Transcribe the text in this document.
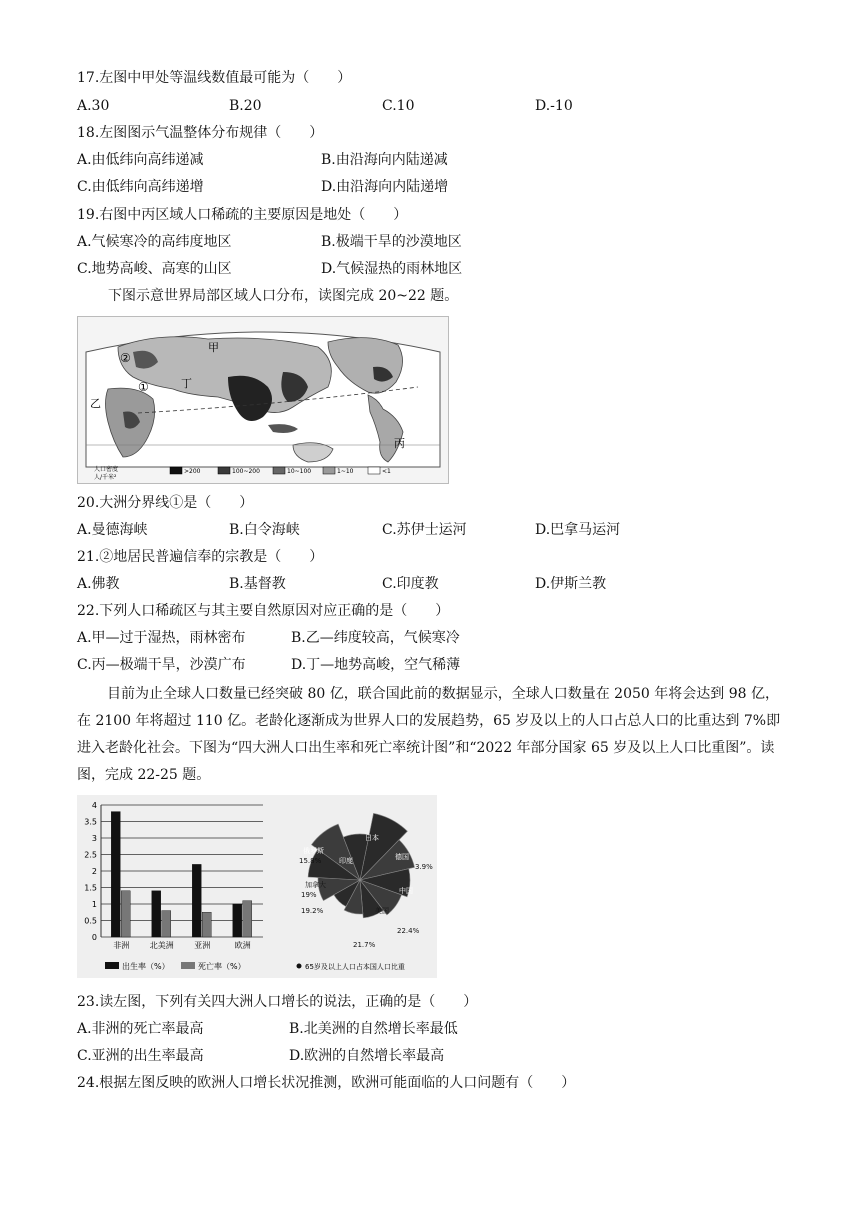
17.左图中甲处等温线数值最可能为（　　）
A.30	B.20	C.10	D.-10
18.左图图示气温整体分布规律（　　）
A.由低纬向高纬递减	B.由沿海向内陆递减
C.由低纬向高纬递增	D.由沿海向内陆递增
19.右图中丙区域人口稀疏的主要原因是地处（　　）
A.气候寒冷的高纬度地区	B.极端干旱的沙漠地区
C.地势高峻、高寒的山区	D.气候湿热的雨林地区
下图示意世界局部区域人口分布，读图完成 20~22 题。
甲
乙
丙
丁
①
②
人口密度
人/千米²
>200	100~200	10~100	1~10	<1
20.大洲分界线①是（　　）
A.曼德海峡	B.白令海峡	C.苏伊士运河	D.巴拿马运河
21.②地居民普遍信奉的宗教是（　　）
A.佛教	B.基督教	C.印度教	D.伊斯兰教
22.下列人口稀疏区与其主要自然原因对应正确的是（　　）
A.甲—过于湿热，雨林密布	B.乙—纬度较高，气候寒冷
C.丙—极端干旱，沙漠广布	D.丁—地势高峻，空气稀薄
目前为止全球人口数量已经突破 80 亿，联合国此前的数据显示，全球人口数量在 2050 年将会达到 98 亿，在 2100 年将超过 110 亿。老龄化逐渐成为世界人口的发展趋势，65 岁及以上的人口占总人口的比重达到 7%即进入老龄化社会。下图为“四大洲人口出生率和死亡率统计图”和“2022 年部分国家 65 岁及以上人口比重图”。读图，完成 22-25 题。
4
3.5
3
2.5
2
1.5
1
0.5
0
非洲	北美洲	亚洲	欧洲
出生率（%）	死亡率（%）
日本
德国
中国
美国
加拿大
俄罗斯
印度
15.8%
19%
19.2%
21.7%
3.9%
22.4%
65岁及以上人口占本国人口比重
23.读左图，下列有关四大洲人口增长的说法，正确的是（　　）
A.非洲的死亡率最高	B.北美洲的自然增长率最低
C.亚洲的出生率最高	D.欧洲的自然增长率最高
24.根据左图反映的欧洲人口增长状况推测，欧洲可能面临的人口问题有（　　）
